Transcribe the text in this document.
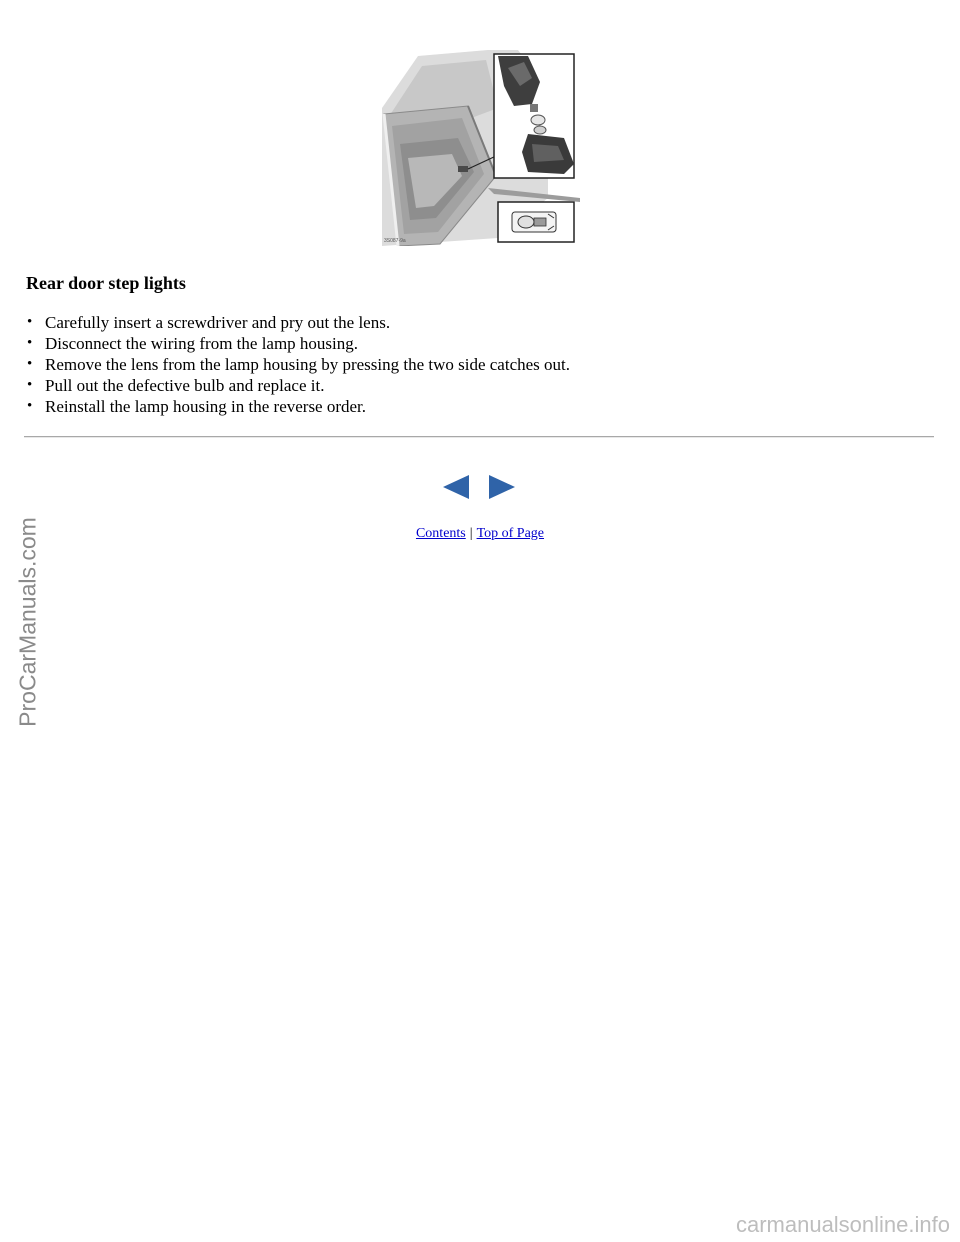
ProCarManuals.com
3S087-9a
Rear door step lights
• Carefully insert a screwdriver and pry out the lens.
• Disconnect the wiring from the lamp housing.
• Remove the lens from the lamp housing by pressing the two side catches out.
• Pull out the defective bulb and replace it.
• Reinstall the lamp housing in the reverse order.
Contents | Top of Page
carmanualsonline.info
